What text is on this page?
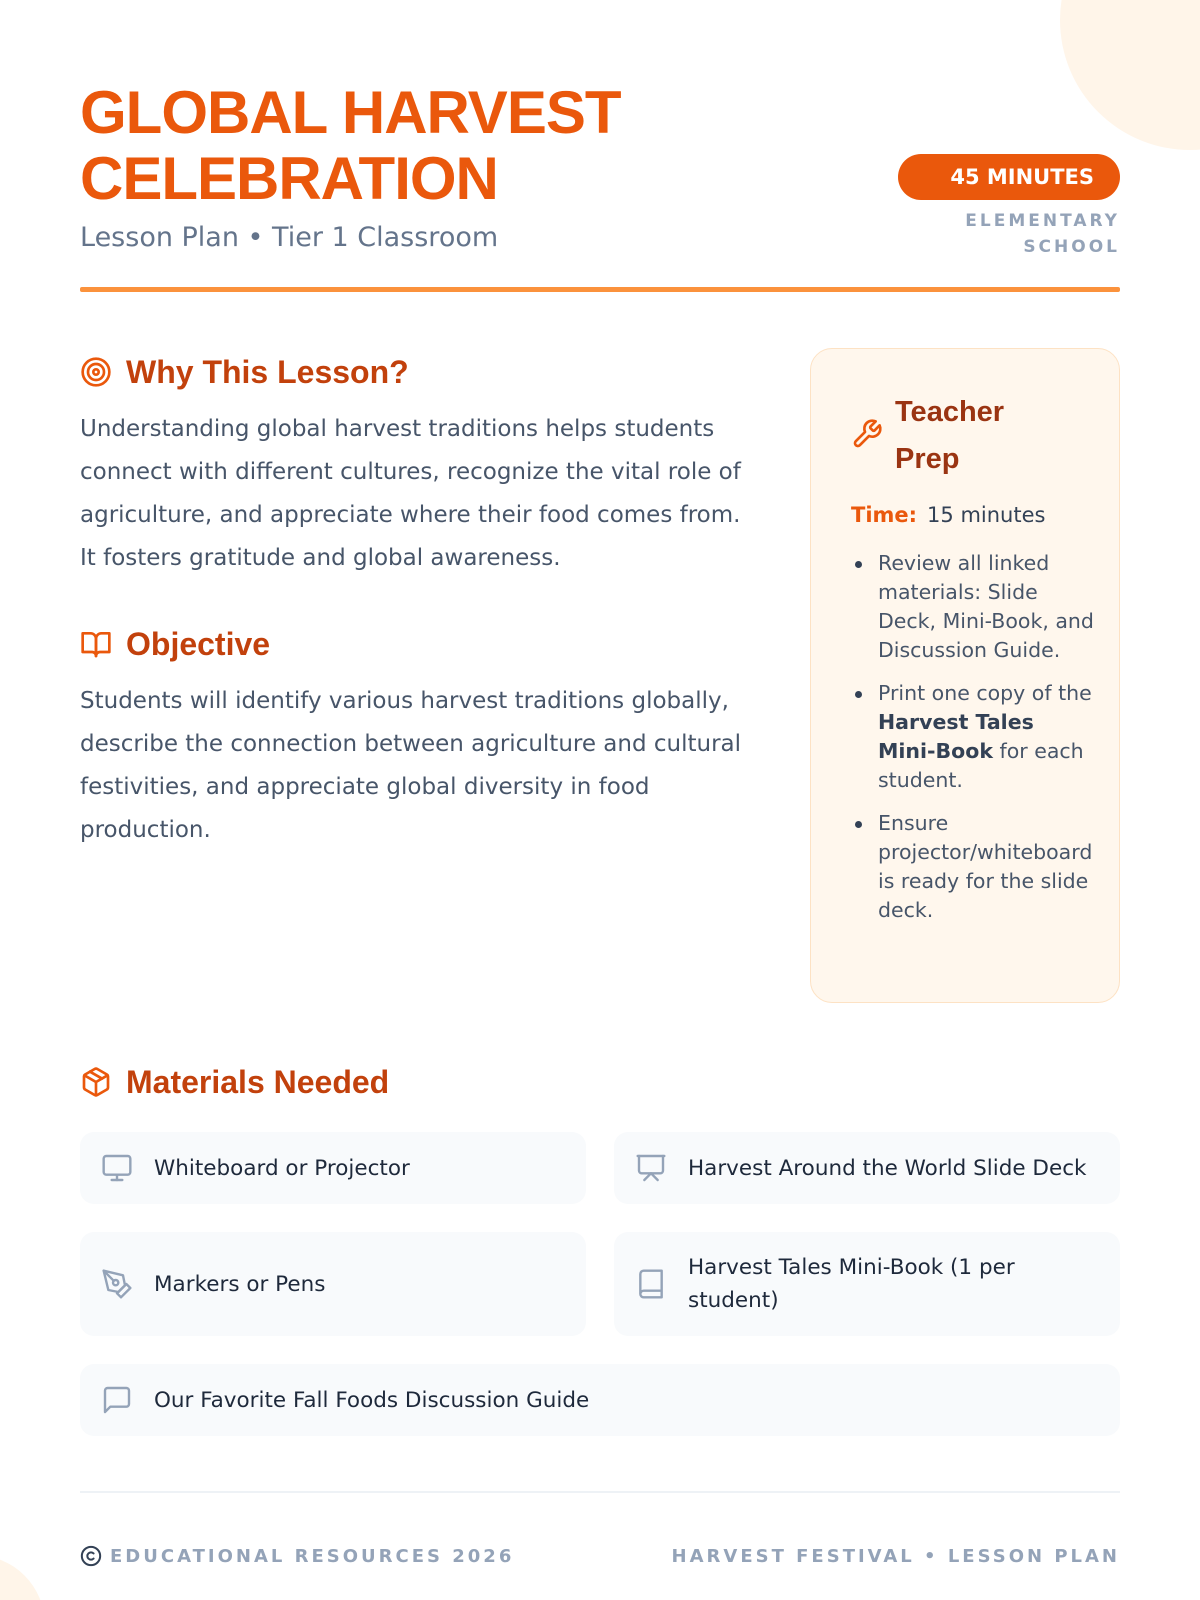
GLOBAL HARVEST
CELEBRATION
Lesson Plan • Tier 1 Classroom
45 MINUTES
ELEMENTARY
SCHOOL
Why This Lesson?

Understanding global harvest traditions helps students connect with different cultures, recognize the vital role of agriculture, and appreciate where their food comes from. It fosters gratitude and global awareness.

Objective

Students will identify various harvest traditions globally, describe the connection between agriculture and cultural festivities, and appreciate global diversity in food production.

Teacher
Prep
Time: 15 minutes
Review all linked materials: Slide Deck, Mini-Book, and Discussion Guide.
Print one copy of the Harvest Tales Mini-Book for each student.
Ensure projector/whiteboard is ready for the slide deck.
Materials Needed
Whiteboard or Projector	Harvest Around the World Slide Deck
Markers or Pens
Harvest Tales Mini-Book (1 per student)
Our Favorite Fall Foods Discussion Guide
EDUCATIONAL RESOURCES 2026	HARVEST FESTIVAL • LESSON PLAN
